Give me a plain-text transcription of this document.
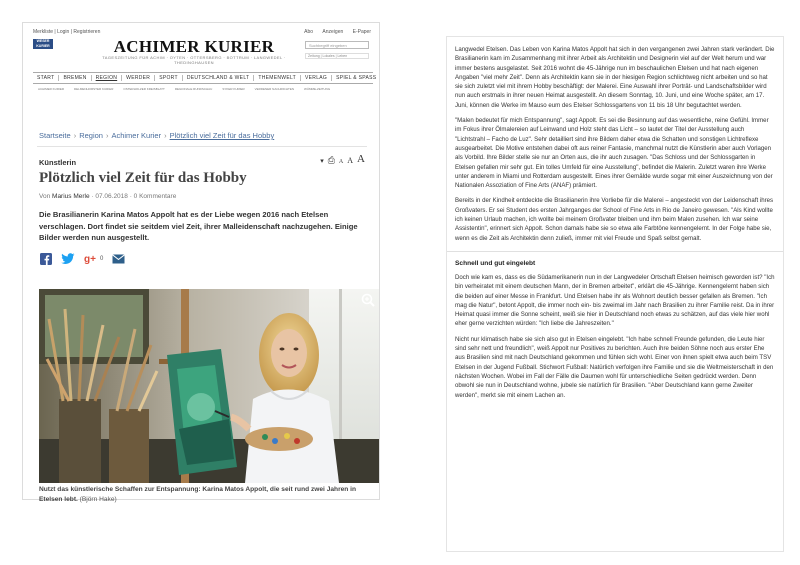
Merkliste | Login | Registrieren	Abo Anzeigen E-Paper
WESER KURIER	ACHIMER KURIER
TAGESZEITUNG FÜR ACHIM · OYTEN · OTTERSBERG · BOTTRUM · LANGWEDEL · THEDINGHAUSEN
Suchbegriff eingeben
Zeitung | Lokales | Leben
START	BREMEN	REGION	WERDER	SPORT	DEUTSCHLAND & WELT	THEMENWELT	VERLAG	SPIEL & SPASS
ACHIMER KURIER	DELMENHORSTER KURIER	OSTERHOLZER KREISBLATT	REGIONALE RUNDSCHAU	SYKER KURIER	VERDENER NACHRICHTEN	WÜMME-ZEITUNG
Startseite › Region › Achimer Kurier › Plötzlich viel Zeit für das Hobby
Künstlerin	▾ ⎙ A A A
Plötzlich viel Zeit für das Hobby
Von Marius Merle · 07.06.2018 · 0 Kommentare
Die Brasilianerin Karina Matos Appolt hat es der Liebe wegen 2016 nach Etelsen verschlagen. Dort findet sie seitdem viel Zeit, ihrer Malleidenschaft nachzugehen. Einige Bilder werden nun ausgestellt.
g+ 0
Nutzt das künstlerische Schaffen zur Entspannung: Karina Matos Appolt, die seit rund zwei Jahren in Etelsen lebt. (Björn Hake)

Langwedel Etelsen. Das Leben von Karina Matos Appolt hat sich in den vergangenen zwei Jahren stark verändert. Die Brasilianerin kam im Zusammenhang mit ihrer Arbeit als Architektin und Designerin viel auf der Welt herum und war immer bestens ausgelastet. Seit 2016 wohnt die 45-Jährige nun im beschaulichen Etelsen und hat nach eigenen Angaben "viel mehr Zeit". Denn als Architektin kann sie in der hiesigen Region schlichtweg nicht arbeiten und so hat sie sich zuletzt viel mit ihrem Hobby beschäftigt: der Malerei. Eine Auswahl ihrer Porträt- und Landschaftsbilder wird nun auch erstmals in ihrer neuen Heimat ausgestellt. An diesem Sonntag, 10. Juni, und eine Woche später, am 17. Juni, können die Werke im Mauso eum des Etelser Schlossgartens von 11 bis 18 Uhr begutachtet werden.

"Malen bedeutet für mich Entspannung", sagt Appolt. Es sei die Besinnung auf das wesentliche, reine Gefühl. Immer im Fokus ihrer Ölmalereien auf Leinwand und Holz steht das Licht – so lautet der Titel der Ausstellung auch "Lichtstrahl – Facho de Luz". Sehr detailliert sind ihre Bildern daher etwa die Schatten und sonstigen Lichtreflexe ausgearbeitet. Die Motive entstehen dabei oft aus reiner Fantasie, manchmal nutzt die Künstlerin aber auch Vorlagen als Vorbild. Ihre Bilder stelle sie nur an Orten aus, die ihr auch zusagen. "Das Schloss und der Schlossgarten in Etelsen gefallen mir sehr gut. Ein tolles Umfeld für eine Ausstellung", befindet die Malerin. Zuletzt waren ihre Werke unter anderem in Miami und Rotterdam ausgestellt. Eines ihrer Gemälde wurde sogar mit einer Auszeichnung von der Nationalen Assoziation of Fine Arts (ANAF) prämiert.

Bereits in der Kindheit entdeckte die Brasilianerin ihre Vorliebe für die Malerei – angesteckt von der Leidenschaft ihres Großvaters. Er sei Student des ersten Jahrganges der School of Fine Arts in Rio de Janeiro gewesen. "Als Kind wollte ich keinen Urlaub machen, ich wollte bei meinem Großvater bleiben und ihm beim Malen zusehen. Ich war seine Assistentin", erinnert sich Appolt. Schon damals habe sie so etwa alle Farbtöne kennengelernt. In der Folge habe sie, wenn es die Zeit als Architektin denn zuließ, immer mit viel Freude und Spaß selbst gemalt.

Schnell und gut eingelebt

Doch wie kam es, dass es die Südamerikanerin nun in der Langwedeler Ortschaft Etelsen heimisch geworden ist? "Ich bin verheiratet mit einem deutschen Mann, der in Bremen arbeitet", erklärt die 45-Jährige. Kennengelernt haben sich die beiden auf einer Messe in Frankfurt. Und Etelsen habe ihr als Wohnort deutlich besser gefallen als Bremen. "Ich mag die Natur", betont Appolt, die immer noch ein- bis zweimal im Jahr nach Brasilien zu ihrer Familie reist. Da in ihrer Heimat quasi immer die Sonne scheint, weiß sie hier in Deutschland noch etwas zu schätzen, auf das viele hier wohl eher gerne verzichten würden: "Ich liebe die Jahreszeiten."

Nicht nur klimatisch habe sie sich also gut in Etelsen eingelebt. "Ich habe schnell Freunde gefunden, die Leute hier sind sehr nett und freundlich", weiß Appolt nur Positives zu berichten. Auch ihre beiden Söhne noch aus erster Ehe aus Brasilien sind mit nach Deutschland gekommen und fühlen sich wohl. Einer von ihnen spielt etwa auch beim TSV Etelsen in der Jugend Fußball. Stichwort Fußball: Natürlich verfolgen ihre Familie und sie die Weltmeisterschaft in den nächsten Wochen. Wobei im Fall der Fälle die Daumen wohl für unterschiedliche Seiten gedrückt werden. Denn obwohl sie nun in Deutschland wohne, jubele sie natürlich für Brasilien. "Aber Deutschland kann gerne Zweiter werden", merkt sie mit einem Lachen an.
